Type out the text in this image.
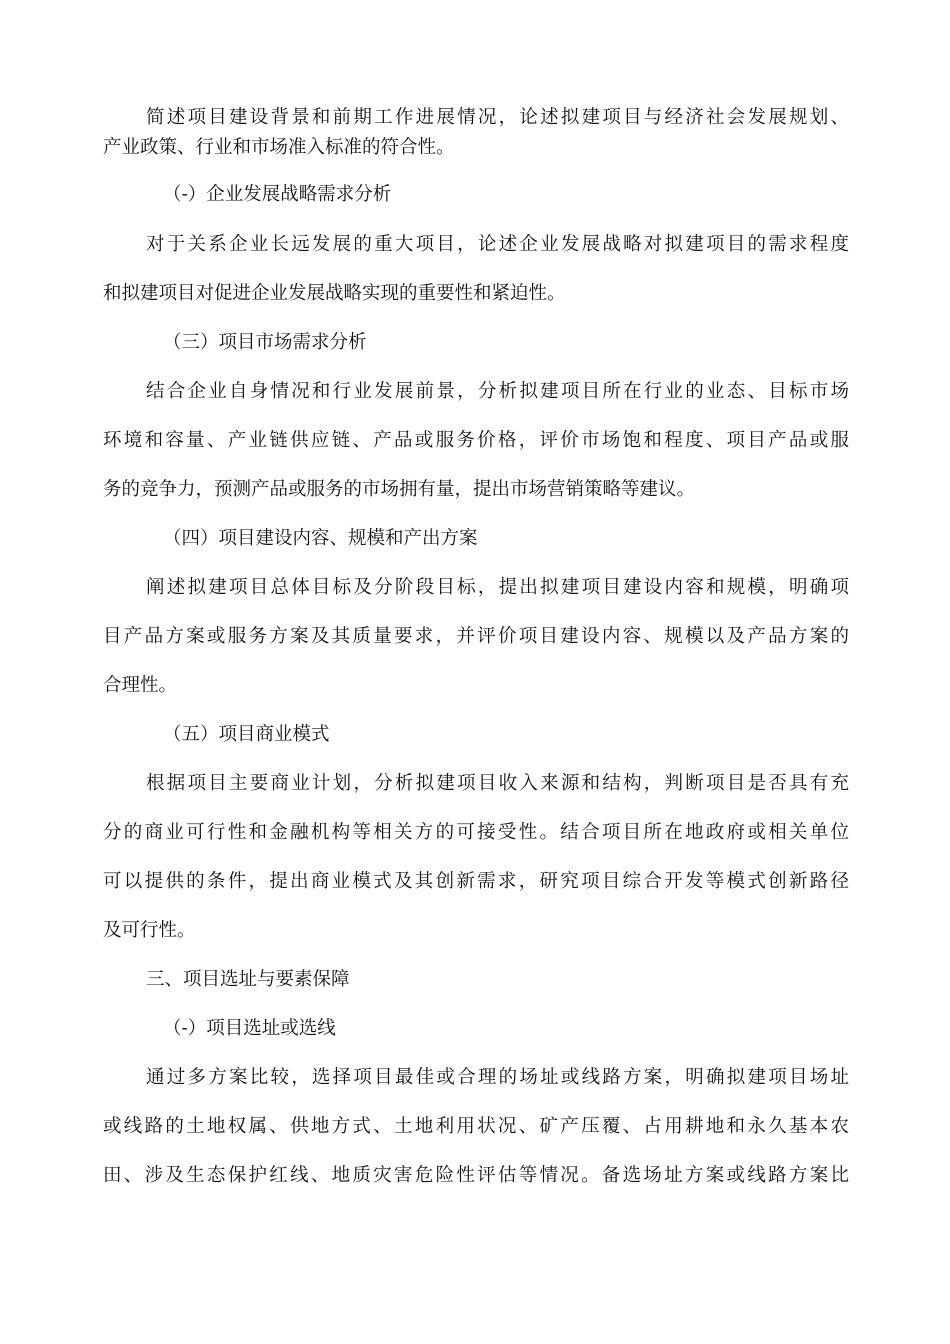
简述项目建设背景和前期工作进展情况，论述拟建项目与经济社会发展规划、
产业政策、行业和市场准入标准的符合性。
（-）企业发展战略需求分析
对于关系企业长远发展的重大项目，论述企业发展战略对拟建项目的需求程度
和拟建项目对促进企业发展战略实现的重要性和紧迫性。
（三）项目市场需求分析
结合企业自身情况和行业发展前景，分析拟建项目所在行业的业态、目标市场
环境和容量、产业链供应链、产品或服务价格，评价市场饱和程度、项目产品或服
务的竞争力，预测产品或服务的市场拥有量，提出市场营销策略等建议。
（四）项目建设内容、规模和产出方案
阐述拟建项目总体目标及分阶段目标，提出拟建项目建设内容和规模，明确项
目产品方案或服务方案及其质量要求，并评价项目建设内容、规模以及产品方案的
合理性。
（五）项目商业模式
根据项目主要商业计划，分析拟建项目收入来源和结构，判断项目是否具有充
分的商业可行性和金融机构等相关方的可接受性。结合项目所在地政府或相关单位
可以提供的条件，提出商业模式及其创新需求，研究项目综合开发等模式创新路径
及可行性。
三、项目选址与要素保障
（-）项目选址或选线
通过多方案比较，选择项目最佳或合理的场址或线路方案，明确拟建项目场址
或线路的土地权属、供地方式、土地利用状况、矿产压覆、占用耕地和永久基本农
田、涉及生态保护红线、地质灾害危险性评估等情况。备选场址方案或线路方案比
